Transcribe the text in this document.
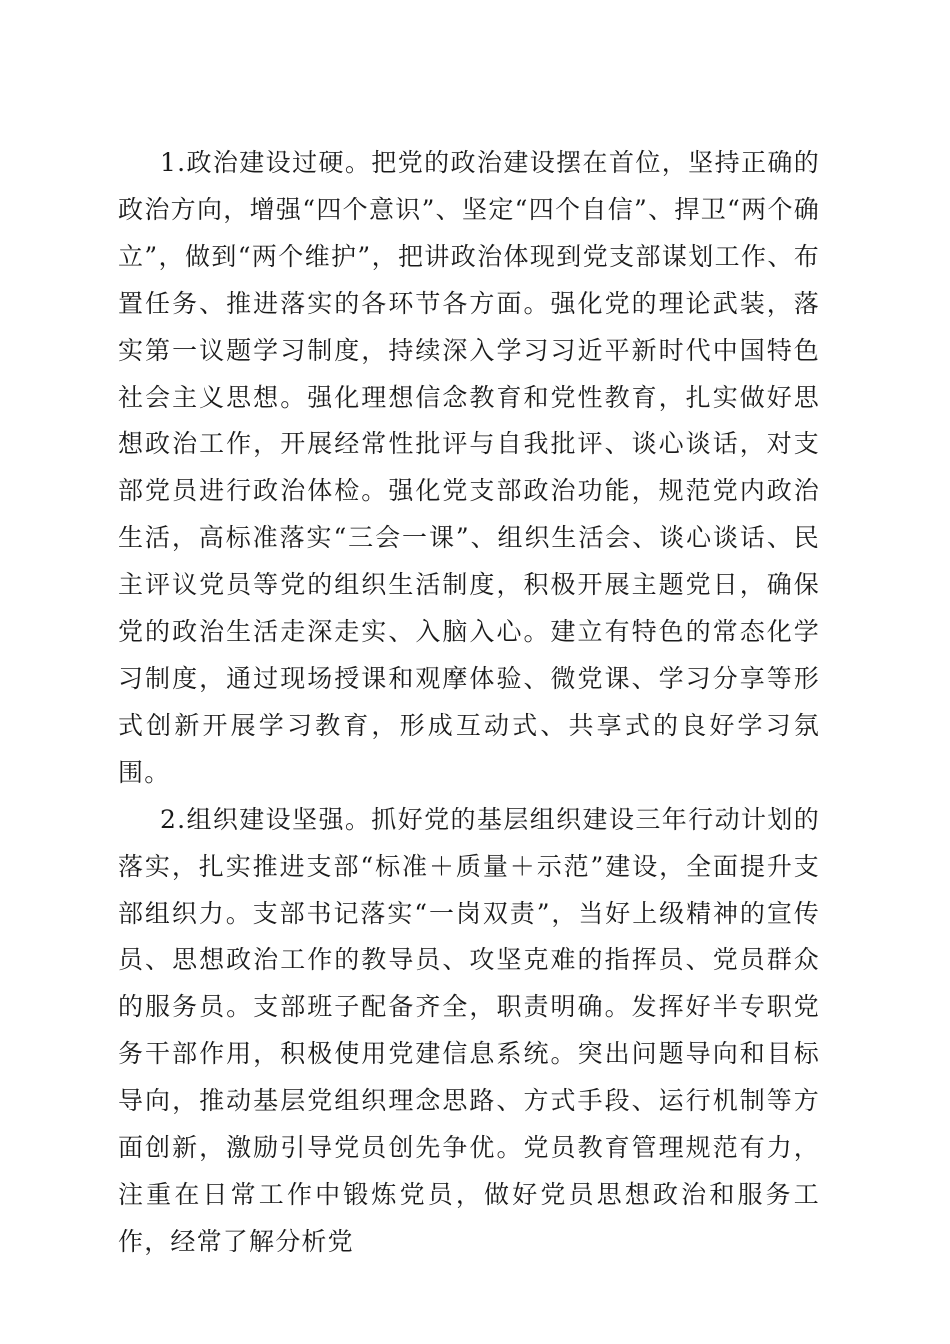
1.政治建设过硬。把党的政治建设摆在首位，坚持正确的政治方向，增强“四个意识”、坚定“四个自信”、捍卫“两个确立”，做到“两个维护”，把讲政治体现到党支部谋划工作、布置任务、推进落实的各环节各方面。强化党的理论武装，落实第一议题学习制度，持续深入学习习近平新时代中国特色社会主义思想。强化理想信念教育和党性教育，扎实做好思想政治工作，开展经常性批评与自我批评、谈心谈话，对支部党员进行政治体检。强化党支部政治功能，规范党内政治生活，高标准落实“三会一课”、组织生活会、谈心谈话、民主评议党员等党的组织生活制度，积极开展主题党日，确保党的政治生活走深走实、入脑入心。建立有特色的常态化学习制度，通过现场授课和观摩体验、微党课、学习分享等形式创新开展学习教育，形成互动式、共享式的良好学习氛围。

2.组织建设坚强。抓好党的基层组织建设三年行动计划的落实，扎实推进支部“标准＋质量＋示范”建设，全面提升支部组织力。支部书记落实“一岗双责”，当好上级精神的宣传员、思想政治工作的教导员、攻坚克难的指挥员、党员群众的服务员。支部班子配备齐全，职责明确。发挥好半专职党务干部作用，积极使用党建信息系统。突出问题导向和目标导向，推动基层党组织理念思路、方式手段、运行机制等方面创新，激励引导党员创先争优。党员教育管理规范有力，注重在日常工作中锻炼党员，做好党员思想政治和服务工作，经常了解分析党
